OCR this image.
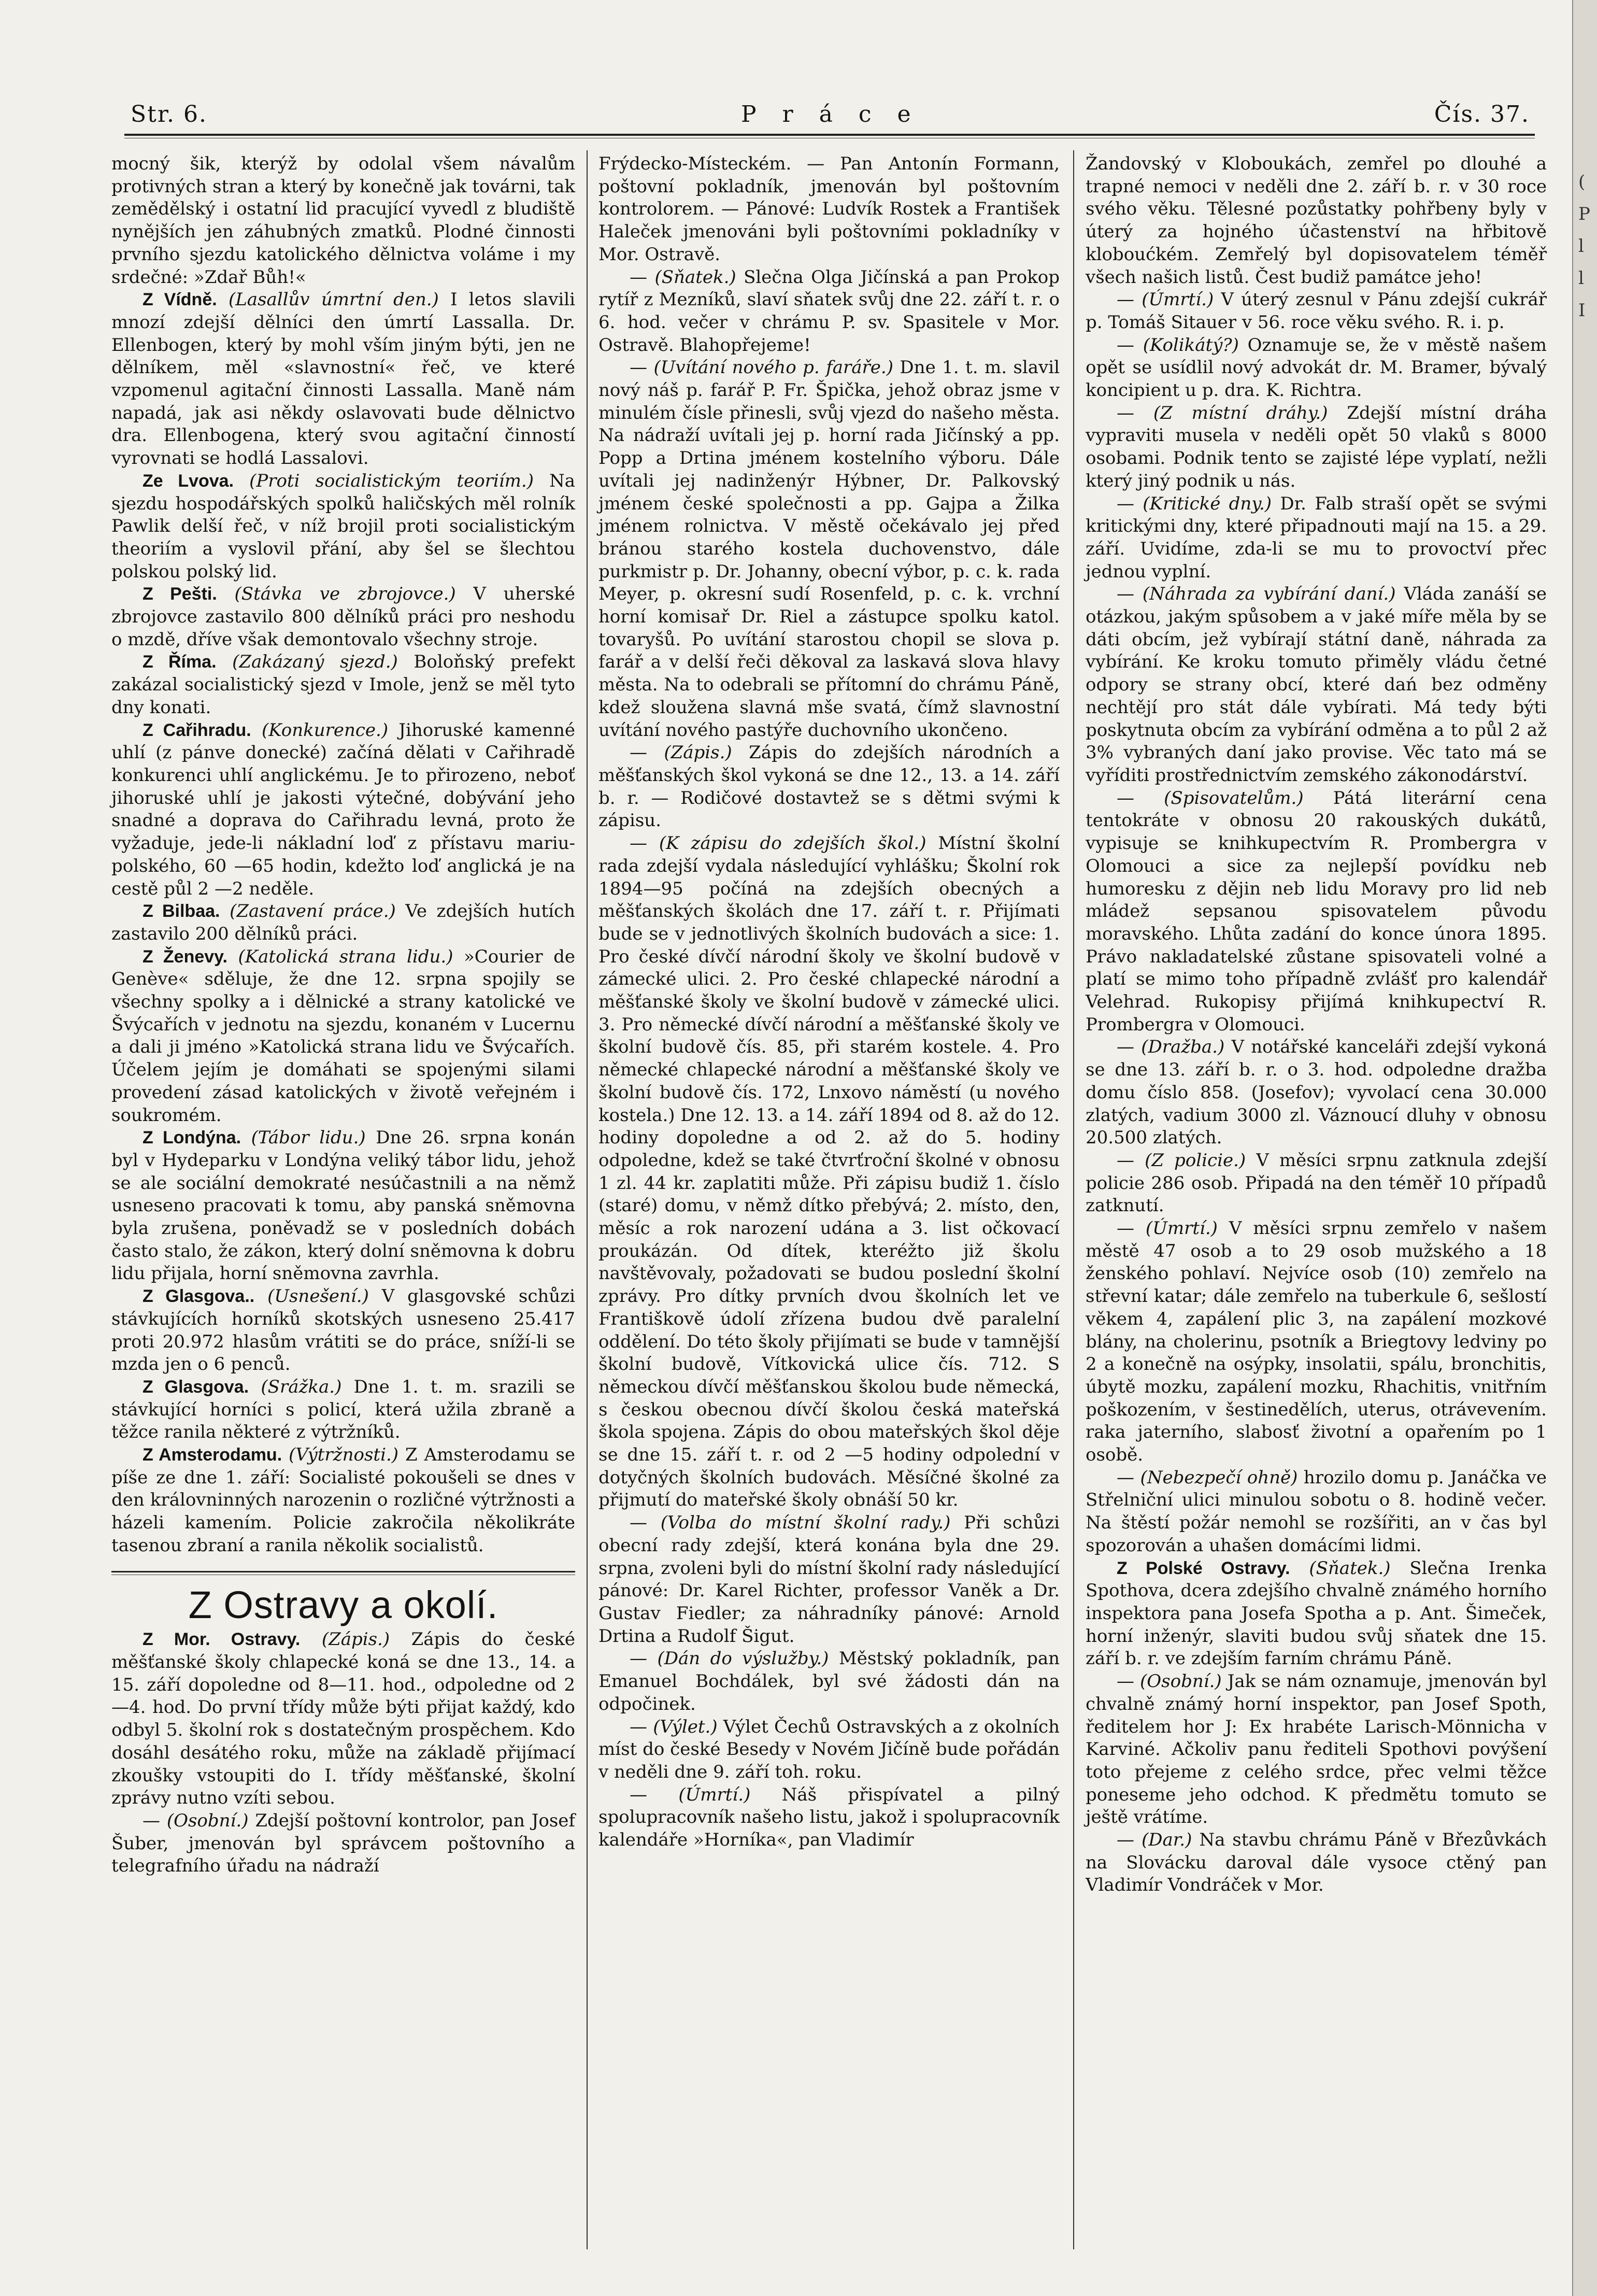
Str. 6.	P r á c e	Čís. 37.

mocný šik, kterýž by odolal všem návalům protivných stran a který by konečně jak továrni, tak zemědělský i ostatní lid pracující vyvedl z bludiště nynějších jen záhubných zmatků. Plodné činnosti prvního sjezdu katolického dělnictva voláme i my srdečné: »Zdař Bůh!«

Z Vídně. (Lasallův úmrtní den.) I letos slavili mnozí zdejší dělníci den úmrtí Lassalla. Dr. Ellenbogen, který by mohl vším jiným býti, jen ne dělníkem, měl «slavnostní« řeč, ve které vzpomenul agitační činnosti Lassalla. Maně nám napadá, jak asi někdy oslavovati bude dělnictvo dra. Ellenbogena, který svou agitační činností vyrovnati se hodlá Lassalovi.

Ze Lvova. (Proti socialistickým teoriím.) Na sjezdu hospodářských spolků haličských měl rolník Pawlik delší řeč, v níž brojil proti socialistickým theoriím a vyslovil přání, aby šel se šlechtou polskou polský lid.

Z Pešti. (Stávka ve zbrojovce.) V uherské zbrojovce zastavilo 800 dělníků práci pro neshodu o mzdě, dříve však demontovalo všechny stroje.

Z Říma. (Zakázaný sjezd.) Boloňský prefekt zakázal socialistický sjezd v Imole, jenž se měl tyto dny konati.

Z Cařihradu. (Konkurence.) Jihoruské kamenné uhlí (z pánve donecké) začíná dělati v Cařihradě konkurenci uhlí anglickému. Je to přirozeno, neboť jihoruské uhlí je jakosti výtečné, dobývání jeho snadné a doprava do Cařihradu levná, proto že vyžaduje, jede-li nákladní loď z přístavu mariu-polského, 60 —65 hodin, kdežto loď anglická je na cestě půl 2 —2 neděle.

Z Bilbaa. (Zastavení práce.) Ve zdejších hutích zastavilo 200 dělníků práci.

Z Ženevy. (Katolická strana lidu.) »Courier de Genève« sděluje, že dne 12. srpna spojily se všechny spolky a i dělnické a strany katolické ve Švýcařích v jednotu na sjezdu, konaném v Lucernu a dali ji jméno »Katolická strana lidu ve Švýcařích. Účelem jejím je domáhati se spojenými silami provedení zásad katolických v životě veřejném i soukromém.

Z Londýna. (Tábor lidu.) Dne 26. srpna konán byl v Hydeparku v Londýna veliký tábor lidu, jehož se ale sociální demokraté nesúčastnili a na němž usneseno pracovati k tomu, aby panská sněmovna byla zrušena, poněvadž se v posledních dobách často stalo, že zákon, který dolní sněmovna k dobru lidu přijala, horní sněmovna zavrhla.

Z Glasgova.. (Usnešení.) V glasgovské schůzi stávkujících horníků skotských usneseno 25.417 proti 20.972 hlasům vrátiti se do práce, sníží-li se mzda jen o 6 penců.

Z Glasgova. (Srážka.) Dne 1. t. m. srazili se stávkující horníci s policí, která užila zbraně a těžce ranila některé z výtržníků.

Z Amsterodamu. (Výtržnosti.) Z Amsterodamu se píše ze dne 1. září: Socialisté pokoušeli se dnes v den královninných narozenin o rozličné výtržnosti a házeli kamením. Policie zakročila několikráte tasenou zbraní a ranila několik socialistů.

Z Ostravy a okolí.

Z Mor. Ostravy. (Zápis.) Zápis do české měšťanské školy chlapecké koná se dne 13., 14. a 15. září dopoledne od 8—11. hod., odpoledne od 2—4. hod. Do první třídy může býti přijat každý, kdo odbyl 5. školní rok s dostatečným prospěchem. Kdo dosáhl desátého roku, může na základě přijímací zkoušky vstoupiti do I. třídy měšťanské, školní zprávy nutno vzíti sebou.

— (Osobní.) Zdejší poštovní kontrolor, pan Josef Šuber, jmenován byl správcem poštovního a telegrafního úřadu na nádraží

Frýdecko-Místeckém. — Pan Antonín Formann, poštovní pokladník, jmenován byl poštovním kontrolorem. — Pánové: Ludvík Rostek a František Haleček jmenováni byli poštovními pokladníky v Mor. Ostravě.

— (Sňatek.) Slečna Olga Jičínská a pan Prokop rytíř z Mezníků, slaví sňatek svůj dne 22. září t. r. o 6. hod. večer v chrámu P. sv. Spasitele v Mor. Ostravě. Blahopřejeme!

— (Uvítání nového p. faráře.) Dne 1. t. m. slavil nový náš p. farář P. Fr. Špička, jehož obraz jsme v minulém čísle přinesli, svůj vjezd do našeho města. Na nádraží uvítali jej p. horní rada Jičínský a pp. Popp a Drtina jménem kostelního výboru. Dále uvítali jej nadinženýr Hýbner, Dr. Palkovský jménem české společnosti a pp. Gajpa a Žilka jménem rolnictva. V městě očekávalo jej před bránou starého kostela duchovenstvo, dále purkmistr p. Dr. Johanny, obecní výbor, p. c. k. rada Meyer, p. okresní sudí Rosenfeld, p. c. k. vrchní horní komisař Dr. Riel a zástupce spolku katol. tovaryšů. Po uvítání starostou chopil se slova p. farář a v delší řeči děkoval za laskavá slova hlavy města. Na to odebrali se přítomní do chrámu Páně, kdež sloužena slavná mše svatá, čímž slavnostní uvítání nového pastýře duchovního ukončeno.

— (Zápis.) Zápis do zdejších národních a měšťanských škol vykoná se dne 12., 13. a 14. září b. r. — Rodičové dostavtež se s dětmi svými k zápisu.

— (K zápisu do zdejších škol.) Místní školní rada zdejší vydala následující vyhlášku; Školní rok 1894—95 počíná na zdejších obecných a měšťanských školách dne 17. září t. r. Přijímati bude se v jednotlivých školních budovách a sice: 1. Pro české dívčí národní školy ve školní budově v zámecké ulici. 2. Pro české chlapecké národní a měšťanské školy ve školní budově v zámecké ulici. 3. Pro německé dívčí národní a měšťanské školy ve školní budově čís. 85, při starém kostele. 4. Pro německé chlapecké národní a měšťanské školy ve školní budově čís. 172, Lnxovo náměstí (u nového kostela.) Dne 12. 13. a 14. září 1894 od 8. až do 12. hodiny dopoledne a od 2. až do 5. hodiny odpoledne, kdež se také čtvrťroční školné v obnosu 1 zl. 44 kr. zaplatiti může. Při zápisu budiž 1. číslo (staré) domu, v němž dítko přebývá; 2. místo, den, měsíc a rok narození udána a 3. list očkovací proukázán. Od dítek, kteréžto již školu navštěvovaly, požadovati se budou poslední školní zprávy. Pro dítky prvních dvou školních let ve Františkově údolí zřízena budou dvě paralelní oddělení. Do této školy přijímati se bude v tamnější školní budově, Vítkovická ulice čís. 712. S německou dívčí měšťanskou školou bude německá, s českou obecnou dívčí školou česká mateřská škola spojena. Zápis do obou mateřských škol děje se dne 15. září t. r. od 2 —5 hodiny odpolední v dotyčných školních budovách. Měsíčné školné za přijmutí do mateřské školy obnáší 50 kr.

— (Volba do místní školní rady.) Při schůzi obecní rady zdejší, která konána byla dne 29. srpna, zvoleni byli do místní školní rady následující pánové: Dr. Karel Richter, professor Vaněk a Dr. Gustav Fiedler; za náhradníky pánové: Arnold Drtina a Rudolf Šigut.

— (Dán do výslužby.) Městský pokladník, pan Emanuel Bochdálek, byl své žádosti dán na odpočinek.

— (Výlet.) Výlet Čechů Ostravských a z okolních míst do české Besedy v Novém Jičíně bude pořádán v neděli dne 9. září toh. roku.

— (Úmrtí.) Náš přispívatel a pilný spolupracovník našeho listu, jakož i spolupracovník kalendáře »Horníka«, pan Vladimír

Žandovský v Kloboukách, zemřel po dlouhé a trapné nemoci v neděli dne 2. září b. r. v 30 roce svého věku. Tělesné pozůstatky pohřbeny byly v úterý za hojného účastenství na hřbitově kloboućkém. Zemřelý byl dopisovatelem téměř všech našich listů. Čest budiž památce jeho!

— (Úmrtí.) V úterý zesnul v Pánu zdejší cukrář p. Tomáš Sitauer v 56. roce věku svého. R. i. p.

— (Kolikátý?) Oznamuje se, že v městě našem opět se usídlil nový advokát dr. M. Bramer, bývalý koncipient u p. dra. K. Richtra.

— (Z místní dráhy.) Zdejší místní dráha vypraviti musela v neděli opět 50 vlaků s 8000 osobami. Podnik tento se zajisté lépe vyplatí, nežli který jiný podnik u nás.

— (Kritické dny.) Dr. Falb straší opět se svými kritickými dny, které připadnouti mají na 15. a 29. září. Uvidíme, zda-li se mu to provoctví přec jednou vyplní.

— (Náhrada za vybírání daní.) Vláda zanáší se otázkou, jakým spůsobem a v jaké míře měla by se dáti obcím, jež vybírají státní daně, náhrada za vybírání. Ke kroku tomuto přiměly vládu četné odpory se strany obcí, které dań bez odměny nechtějí pro stát dále vybírati. Má tedy býti poskytnuta obcím za vybírání odměna a to půl 2 až 3% vybraných daní jako provise. Věc tato má se vyříditi prostřednictvím zemského zákonodárství.

— (Spisovatelům.) Pátá literární cena tentokráte v obnosu 20 rakouských dukátů, vypisuje se knihkupectvím R. Prombergra v Olomouci a sice za nejlepší povídku neb humoresku z dějin neb lidu Moravy pro lid neb mládež sepsanou spisovatelem původu moravského. Lhůta zadání do konce února 1895. Právo nakladatelské zůstane spisovateli volné a platí se mimo toho případně zvlášť pro kalendář Velehrad. Rukopisy přijímá knihkupectví R. Prombergra v Olomouci.

— (Dražba.) V notářské kanceláři zdejší vykoná se dne 13. září b. r. o 3. hod. odpoledne dražba domu číslo 858. (Josefov); vyvolací cena 30.000 zlatých, vadium 3000 zl. Váznoucí dluhy v obnosu 20.500 zlatých.

— (Z policie.) V měsíci srpnu zatknula zdejší policie 286 osob. Připadá na den téměř 10 případů zatknutí.

— (Úmrtí.) V měsíci srpnu zemřelo v našem městě 47 osob a to 29 osob mužského a 18 ženského pohlaví. Nejvíce osob (10) zemřelo na střevní katar; dále zemřelo na tuberkule 6, sešlostí věkem 4, zapálení plic 3, na zapálení mozkové blány, na cholerinu, psotník a Briegtovy ledviny po 2 a konečně na osýpky, insolatii, spálu, bronchitis, úbytě mozku, zapálení mozku, Rhachitis, vnitřním poškozením, v šestinedělích, uterus, otrávevením. raka jaterního, slabosť životní a opařením po 1 osobě.

— (Nebezpečí ohně) hrozilo domu p. Janáčka ve Střelniční ulici minulou sobotu o 8. hodině večer. Na štěstí požár nemohl se rozšířiti, an v čas byl spozorován a uhašen domácími lidmi.

Z Polské Ostravy. (Sňatek.) Slečna Irenka Spothova, dcera zdejšího chvalně známého horního inspektora pana Josefa Spotha a p. Ant. Šimeček, horní inženýr, slaviti budou svůj sňatek dne 15. září b. r. ve zdejším farním chrámu Páně.

— (Osobní.) Jak se nám oznamuje, jmenován byl chvalně známý horní inspektor, pan Josef Spoth, ředitelem hor J: Ex hrabéte Larisch-Mönnicha v Karviné. Ačkoliv panu řediteli Spothovi povýšení toto přejeme z celého srdce, přec velmi těžce poneseme jeho odchod. K předmětu tomuto se ještě vrátíme.

— (Dar.) Na stavbu chrámu Páně v Březůvkách na Slovácku daroval dále vysoce ctěný pan Vladimír Vondráček v Mor.

(
P
l
l
I
